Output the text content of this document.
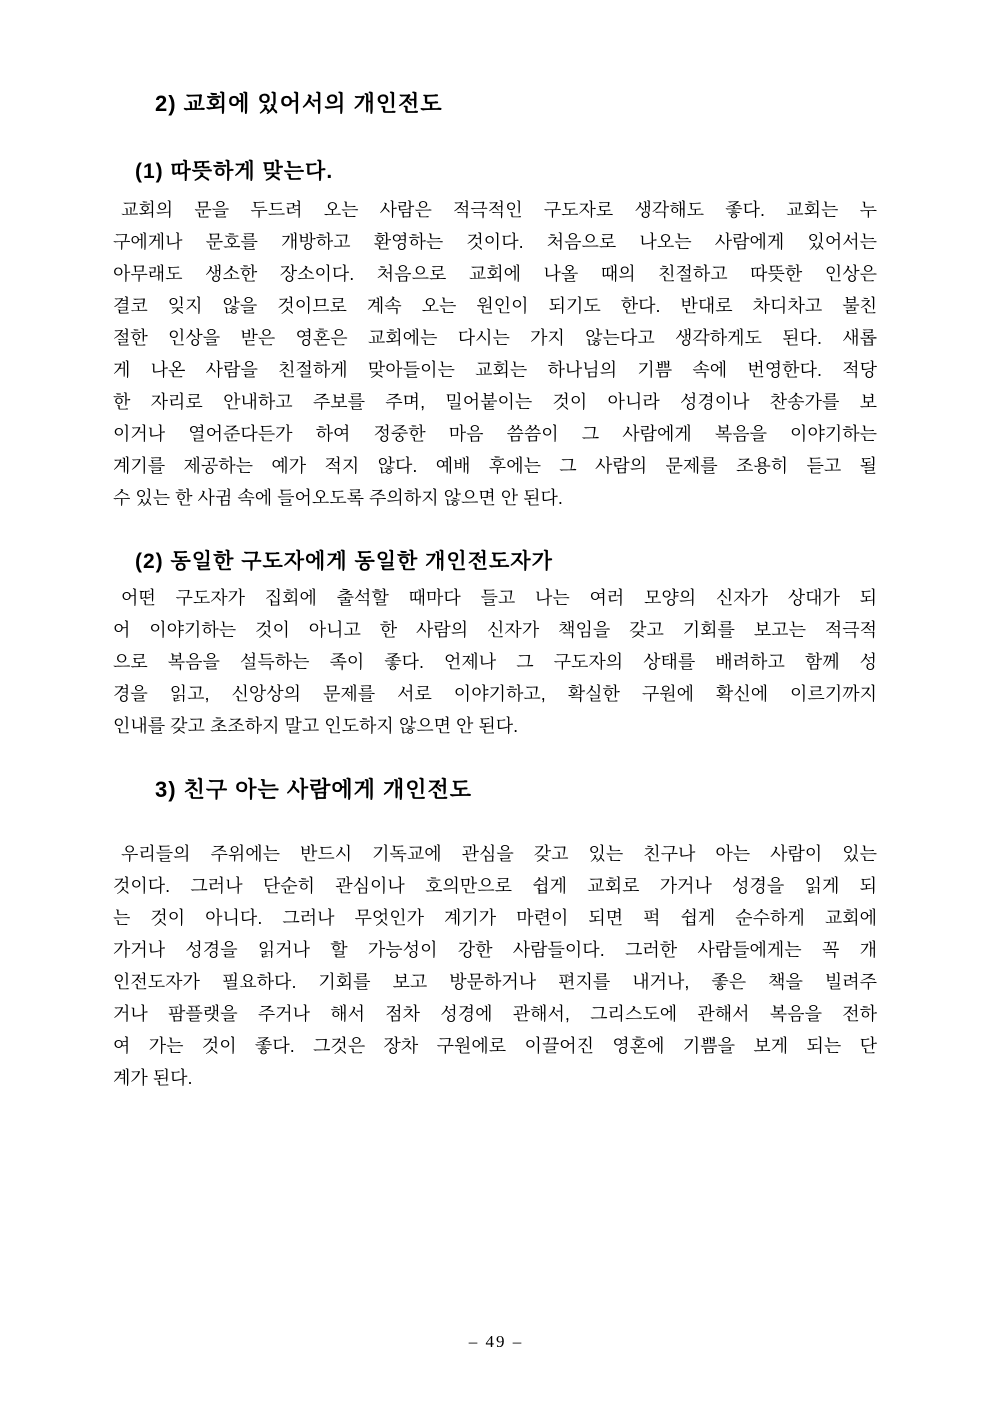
2) 교회에 있어서의 개인전도
(1) 따뜻하게 맞는다.
교회의 문을 두드려 오는 사람은 적극적인 구도자로 생각해도 좋다. 교회는 누
구에게나 문호를 개방하고 환영하는 것이다. 처음으로 나오는 사람에게 있어서는
아무래도 생소한 장소이다. 처음으로 교회에 나올 때의 친절하고 따뜻한 인상은
결코 잊지 않을 것이므로 계속 오는 원인이 되기도 한다. 반대로 차디차고 불친
절한 인상을 받은 영혼은 교회에는 다시는 가지 않는다고 생각하게도 된다. 새롭
게 나온 사람을 친절하게 맞아들이는 교회는 하나님의 기쁨 속에 번영한다. 적당
한 자리로 안내하고 주보를 주며, 밀어붙이는 것이 아니라 성경이나 찬송가를 보
이거나 열어준다든가 하여 정중한 마음 씀씀이 그 사람에게 복음을 이야기하는
계기를 제공하는 예가 적지 않다. 예배 후에는 그 사람의 문제를 조용히 듣고 될
수 있는 한 사귐 속에 들어오도록 주의하지 않으면 안 된다.
(2) 동일한 구도자에게 동일한 개인전도자가
어떤 구도자가 집회에 출석할 때마다 들고 나는 여러 모양의 신자가 상대가 되
어 이야기하는 것이 아니고 한 사람의 신자가 책임을 갖고 기회를 보고는 적극적
으로 복음을 설득하는 족이 좋다. 언제나 그 구도자의 상태를 배려하고 함께 성
경을 읽고, 신앙상의 문제를 서로 이야기하고, 확실한 구원에 확신에 이르기까지
인내를 갖고 초조하지 말고 인도하지 않으면 안 된다.
3) 친구 아는 사람에게 개인전도
우리들의 주위에는 반드시 기독교에 관심을 갖고 있는 친구나 아는 사람이 있는
것이다. 그러나 단순히 관심이나 호의만으로 쉽게 교회로 가거나 성경을 읽게 되
는 것이 아니다. 그러나 무엇인가 계기가 마련이 되면 퍽 쉽게 순수하게 교회에
가거나 성경을 읽거나 할 가능성이 강한 사람들이다. 그러한 사람들에게는 꼭 개
인전도자가 필요하다. 기회를 보고 방문하거나 편지를 내거나, 좋은 책을 빌려주
거나 팜플랫을 주거나 해서 점차 성경에 관해서, 그리스도에 관해서 복음을 전하
여 가는 것이 좋다. 그것은 장차 구원에로 이끌어진 영혼에 기쁨을 보게 되는 단
계가 된다.
– 49 –
